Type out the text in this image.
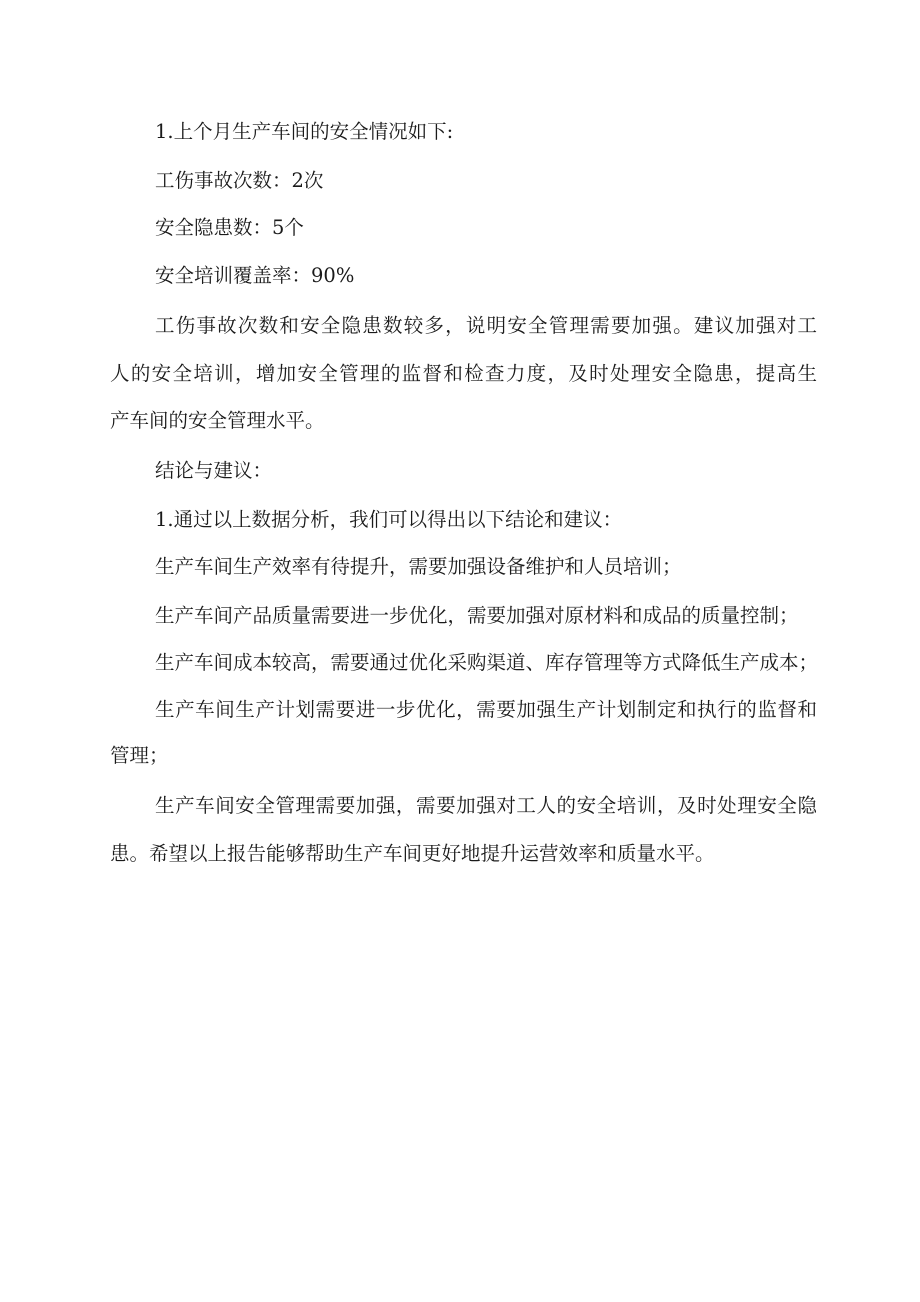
1.上个月生产车间的安全情况如下:
工伤事故次数：2次
安全隐患数：5个
安全培训覆盖率：90%
工伤事故次数和安全隐患数较多，说明安全管理需要加强。建议加强对工
人的安全培训，增加安全管理的监督和检查力度，及时处理安全隐患，提高生
产车间的安全管理水平。
结论与建议：
1.通过以上数据分析，我们可以得出以下结论和建议：
生产车间生产效率有待提升，需要加强设备维护和人员培训；
生产车间产品质量需要进一步优化，需要加强对原材料和成品的质量控制；
生产车间成本较高，需要通过优化采购渠道、库存管理等方式降低生产成本；
生产车间生产计划需要进一步优化，需要加强生产计划制定和执行的监督和
管理；
生产车间安全管理需要加强，需要加强对工人的安全培训，及时处理安全隐
患。希望以上报告能够帮助生产车间更好地提升运营效率和质量水平。
